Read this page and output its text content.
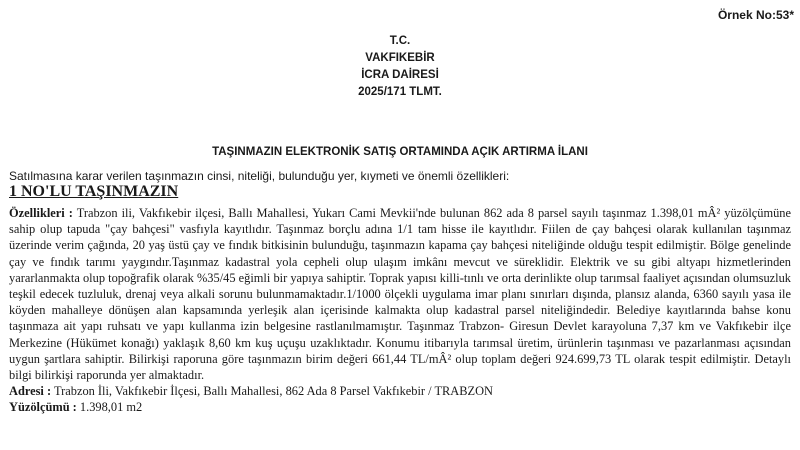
Örnek No:53*
T.C.
VAKFIKEBİR
İCRA DAİRESİ
2025/171 TLMT.
TAŞINMAZIN ELEKTRONİK SATIŞ ORTAMINDA AÇIK ARTIRMA İLANI
Satılmasına karar verilen taşınmazın cinsi, niteliği, bulunduğu yer, kıymeti ve önemli özellikleri:
1 NO'LU TAŞINMAZIN

Özellikleri : Trabzon ili, Vakfıkebir ilçesi, Ballı Mahallesi, Yukarı Cami Mevkii'nde bulunan 862 ada 8 parsel sayılı taşınmaz 1.398,01 mÂ² yüzölçümüne sahip olup tapuda "çay bahçesi" vasfıyla kayıtlıdır. Taşınmaz borçlu adına 1/1 tam hisse ile kayıtlıdır. Fiilen de çay bahçesi olarak kullanılan taşınmaz üzerinde verim çağında, 20 yaş üstü çay ve fındık bitkisinin bulunduğu, taşınmazın kapama çay bahçesi niteliğinde olduğu tespit edilmiştir. Bölge genelinde çay ve fındık tarımı yaygındır.Taşınmaz kadastral yola cepheli olup ulaşım imkânı mevcut ve süreklidir. Elektrik ve su gibi altyapı hizmetlerinden yararlanmakta olup topoğrafik olarak %35/45 eğimli bir yapıya sahiptir. Toprak yapısı killi-tınlı ve orta derinlikte olup tarımsal faaliyet açısından olumsuzluk teşkil edecek tuzluluk, drenaj veya alkali sorunu bulunmamaktadır.1/1000 ölçekli uygulama imar planı sınırları dışında, plansız alanda, 6360 sayılı yasa ile köyden mahalleye dönüşen alan kapsamında yerleşik alan içerisinde kalmakta olup kadastral parsel niteliğindedir. Belediye kayıtlarında bahse konu taşınmaza ait yapı ruhsatı ve yapı kullanma izin belgesine rastlanılmamıştır. Taşınmaz Trabzon- Giresun Devlet karayoluna 7,37 km ve Vakfıkebir ilçe Merkezine (Hükümet konağı) yaklaşık 8,60 km kuş uçuşu uzaklıktadır. Konumu itibarıyla tarımsal üretim, ürünlerin taşınması ve pazarlanması açısından uygun şartlara sahiptir. Bilirkişi raporuna göre taşınmazın birim değeri 661,44 TL/mÂ² olup toplam değeri 924.699,73 TL olarak tespit edilmiştir. Detaylı bilgi bilirkişi raporunda yer almaktadır.

Adresi : Trabzon İli, Vakfıkebir İlçesi, Ballı Mahallesi, 862 Ada 8 Parsel Vakfıkebir / TRABZON

Yüzölçümü : 1.398,01 m2
